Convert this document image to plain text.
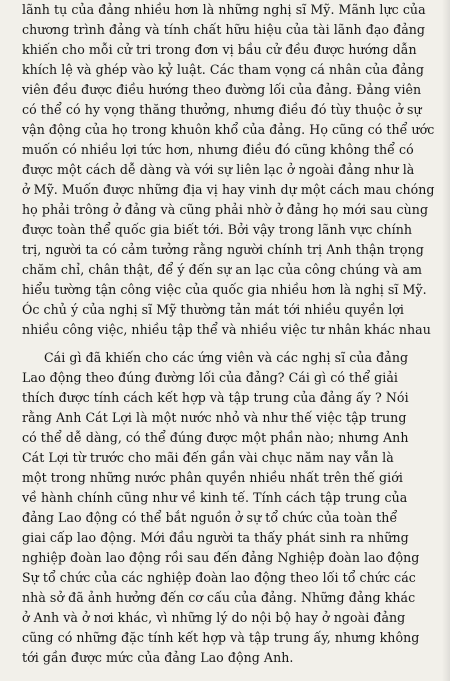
lãnh tụ của đảng nhiều hơn là những nghị sĩ Mỹ. Mãnh lực của
chương trình đảng và tính chất hữu hiệu của tài lãnh đạo đảng
khiến cho mỗi cử tri trong đơn vị bầu cử đều được hướng dẫn
khích lệ và ghép vào kỷ luật. Các tham vọng cá nhân của đảng
viên đều được điều hướng theo đường lối của đảng. Đảng viên
có thể có hy vọng thăng thưởng, nhưng điều đó tùy thuộc ở sự
vận động của họ trong khuôn khổ của đảng. Họ cũng có thể ước
muốn có nhiều lợi tức hơn, nhưng điều đó cũng không thể có
được một cách dễ dàng và với sự liên lạc ở ngoài đảng như là
ở Mỹ. Muốn được những địa vị hay vinh dự một cách mau chóng
họ phải trông ở đảng và cũng phải nhờ ở đảng họ mới sau cùng
được toàn thể quốc gia biết tới. Bởi vậy trong lãnh vực chính
trị, người ta có cảm tưởng rằng người chính trị Anh thận trọng
chăm chỉ, chân thật, để ý đến sự an lạc của công chúng và am
hiểu tường tận công việc của quốc gia nhiều hơn là nghị sĩ Mỹ.
Óc chủ ý của nghị sĩ Mỹ thường tản mát tới nhiều quyền lợi
nhiều công việc, nhiều tập thể và nhiều việc tư nhân khác nhau
Cái gì đã khiến cho các ứng viên và các nghị sĩ của đảng
Lao động theo đúng đường lối của đảng? Cái gì có thể giải
thích được tính cách kết hợp và tập trung của đảng ấy ? Nói
rằng Anh Cát Lợi là một nước nhỏ và như thế việc tập trung
có thể dễ dàng, có thể đúng được một phần nào; nhưng Anh
Cát Lợi từ trước cho mãi đến gần vài chục năm nay vẫn là
một trong những nước phân quyền nhiều nhất trên thế giới
về hành chính cũng như về kinh tế. Tính cách tập trung của
đảng Lao động có thể bắt nguồn ở sự tổ chức của toàn thể
giai cấp lao động. Mới đầu người ta thấy phát sinh ra những
nghiệp đoàn lao động rồi sau đến đảng Nghiệp đoàn lao động
Sự tổ chức của các nghiệp đoàn lao động theo lối tổ chức các
nhà sở đã ảnh hưởng đến cơ cấu của đảng. Những đảng khác
ở Anh và ở nơi khác, vì những lý do nội bộ hay ở ngoài đảng
cũng có những đặc tính kết hợp và tập trung ấy, nhưng không
tới gần được mức của đảng Lao động Anh.
